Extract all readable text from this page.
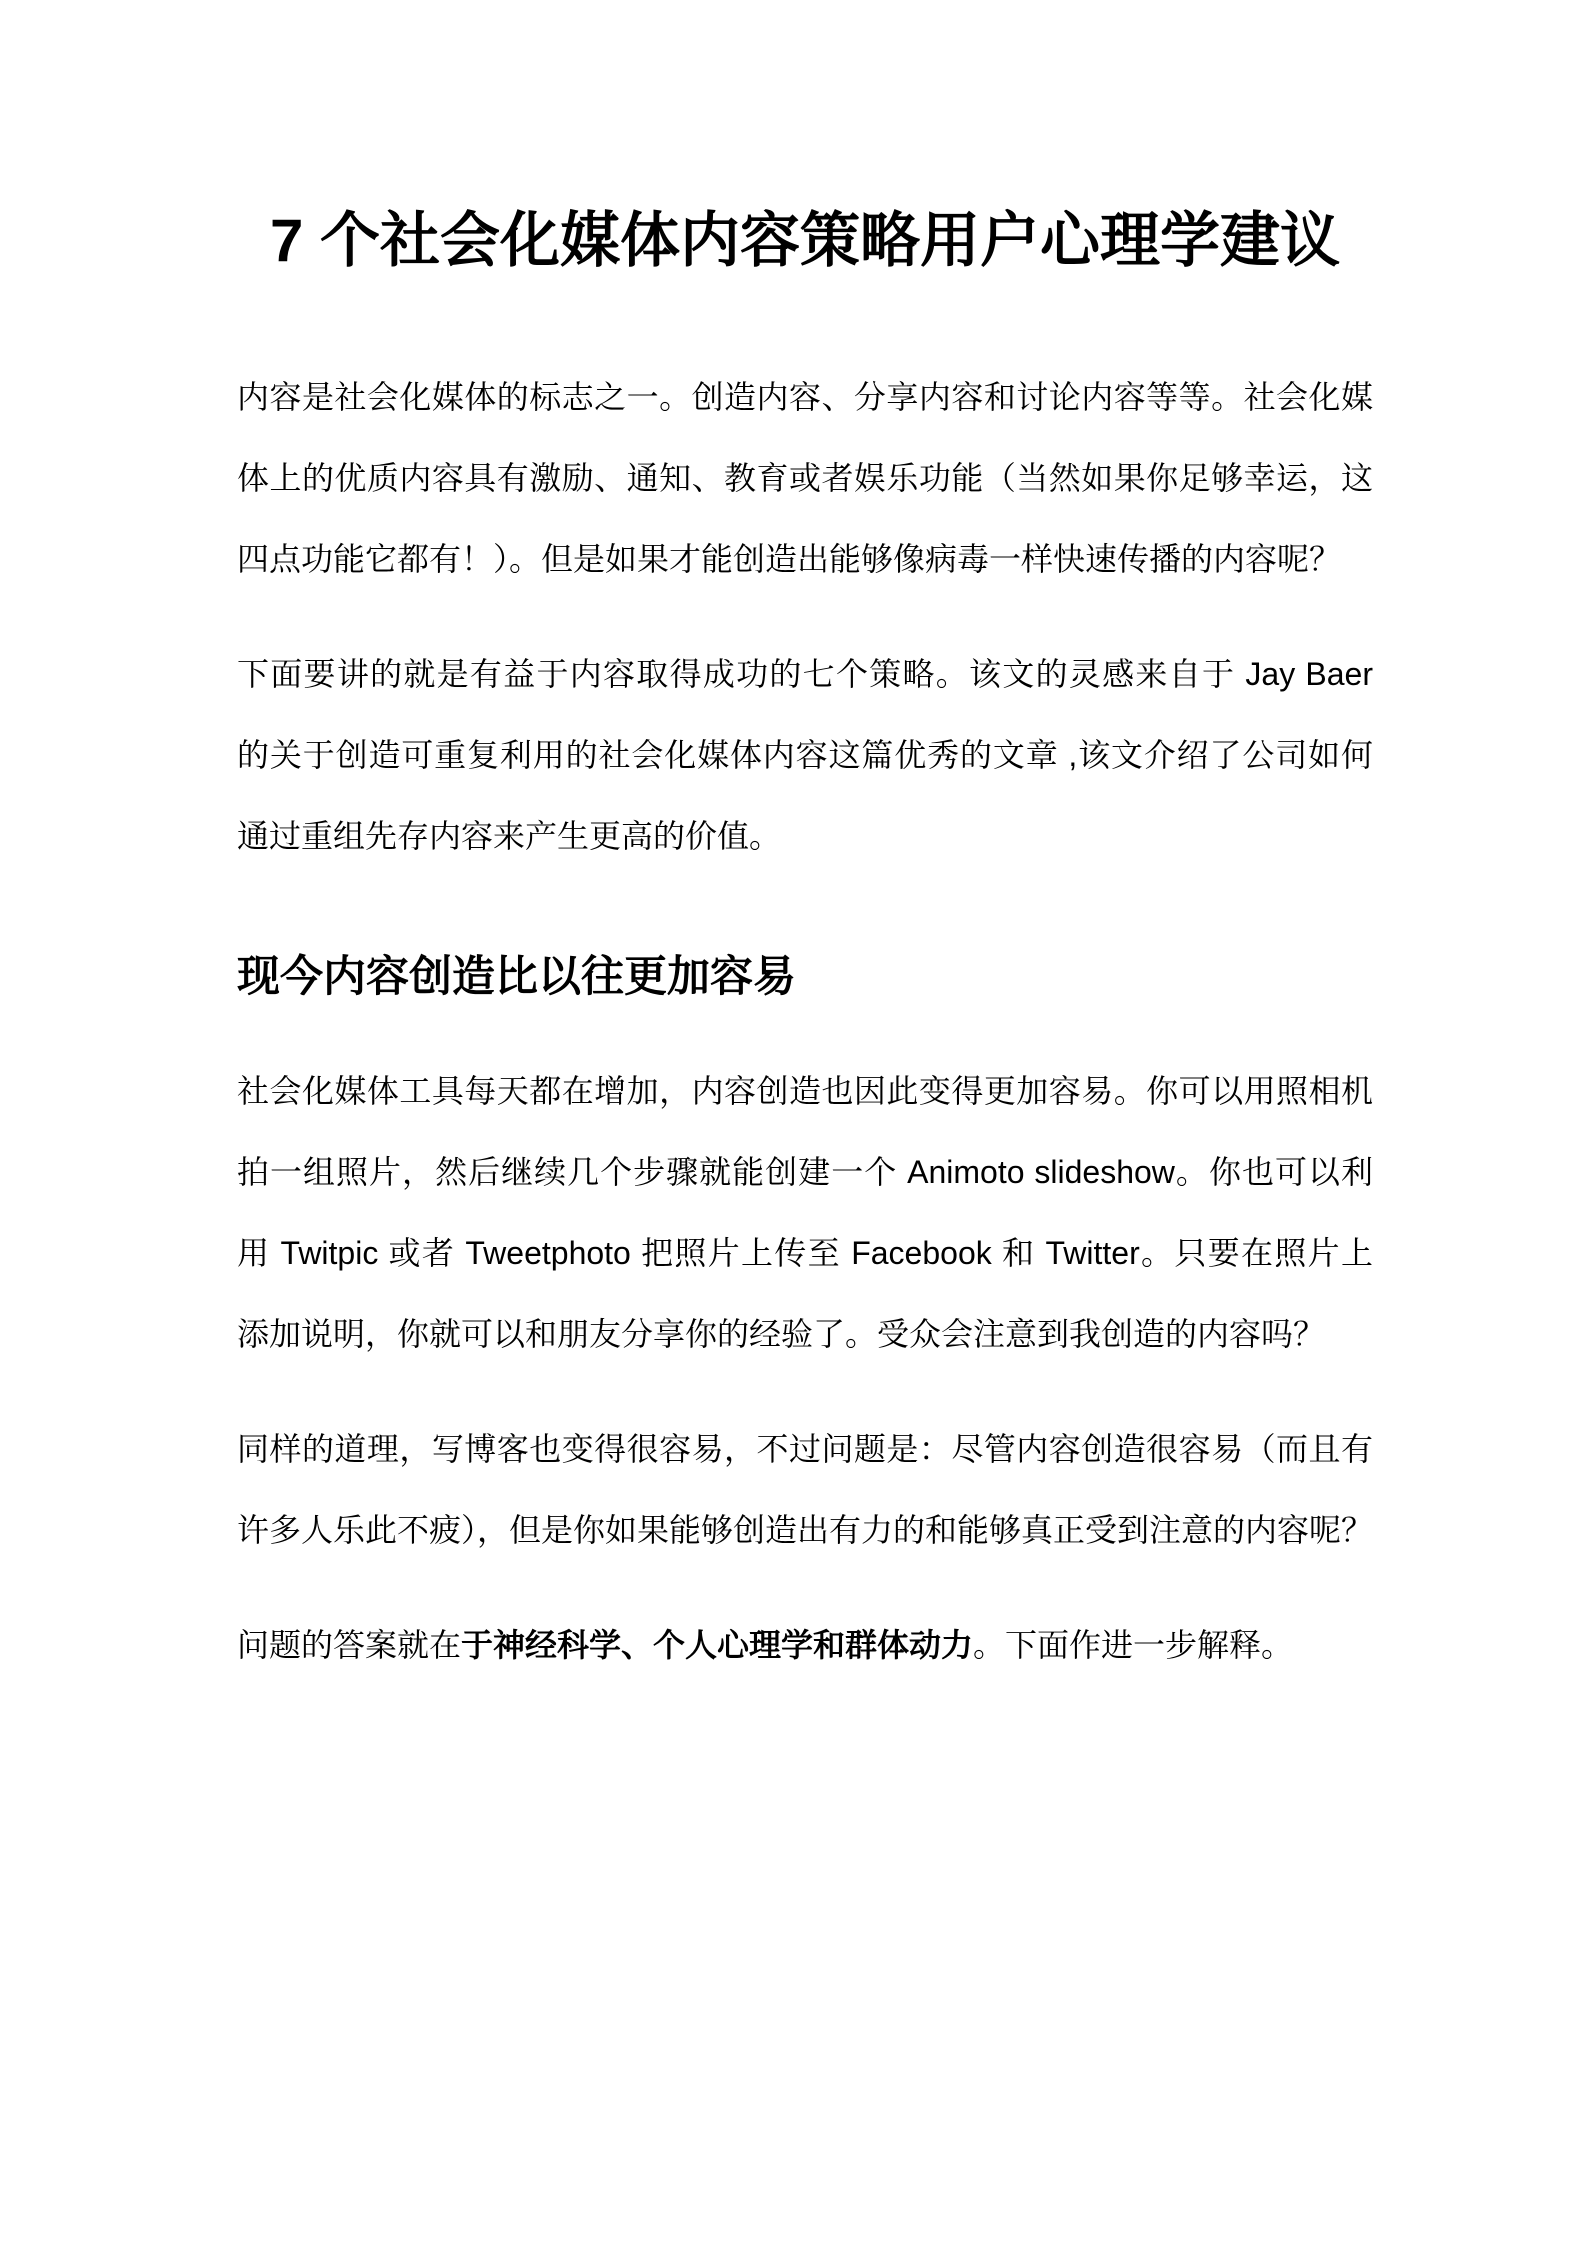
7 个社会化媒体内容策略用户心理学建议

内容是社会化媒体的标志之一。创造内容、分享内容和讨论内容等等。社会化媒体上的优质内容具有激励、通知、教育或者娱乐功能（当然如果你足够幸运，这四点功能它都有！）。但是如果才能创造出能够像病毒一样快速传播的内容呢？

下面要讲的就是有益于内容取得成功的七个策略。该文的灵感来自于 Jay Baer 的关于创造可重复利用的社会化媒体内容这篇优秀的文章 ,该文介绍了公司如何通过重组先存内容来产生更高的价值。

现今内容创造比以往更加容易

社会化媒体工具每天都在增加，内容创造也因此变得更加容易。你可以用照相机拍一组照片，然后继续几个步骤就能创建一个 Animoto slideshow。你也可以利用 Twitpic 或者 Tweetphoto 把照片上传至 Facebook 和 Twitter。只要在照片上添加说明，你就可以和朋友分享你的经验了。受众会注意到我创造的内容吗？

同样的道理，写博客也变得很容易，不过问题是：尽管内容创造很容易（而且有许多人乐此不疲），但是你如果能够创造出有力的和能够真正受到注意的内容呢？

问题的答案就在于神经科学、个人心理学和群体动力。下面作进一步解释。
